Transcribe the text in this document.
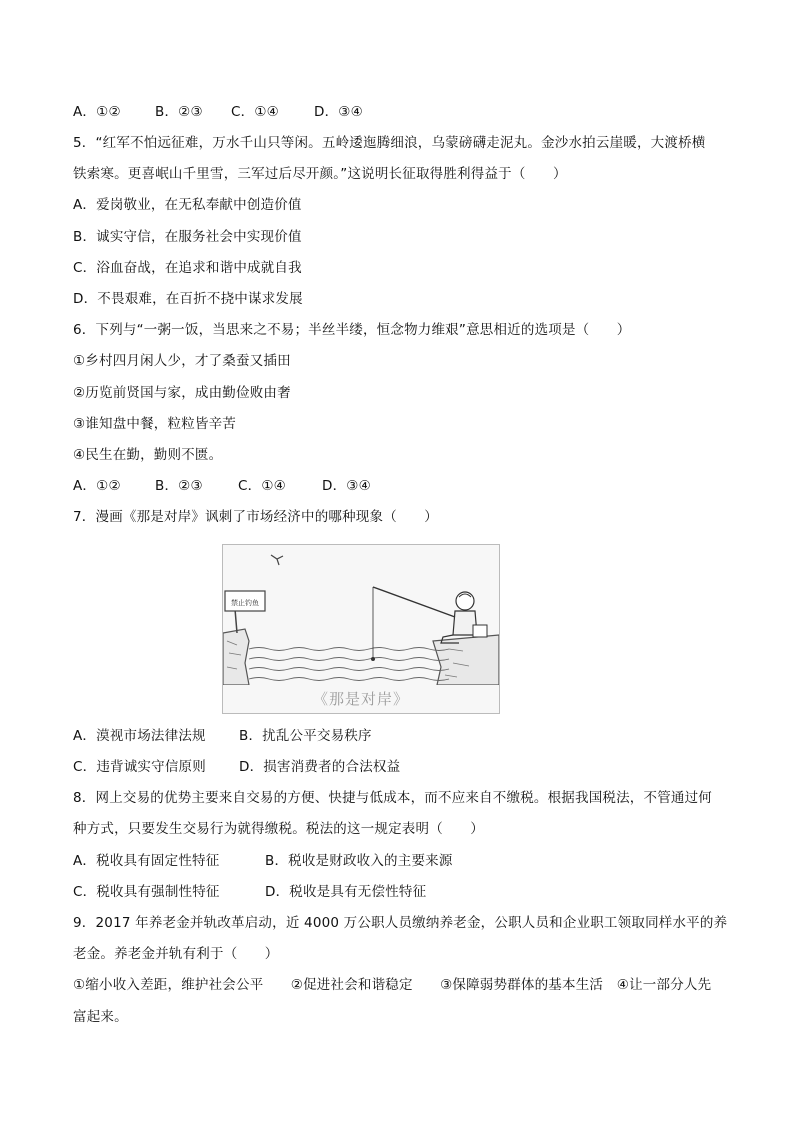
A．①②	B．②③ C．①④	D．③④
5．“红军不怕远征难，万水千山只等闲。五岭逶迤腾细浪，乌蒙磅礴走泥丸。金沙水拍云崖暖，大渡桥横
铁索寒。更喜岷山千里雪，三军过后尽开颜。”这说明长征取得胜利得益于（　　）
A．爱岗敬业，在无私奉献中创造价值
B．诚实守信，在服务社会中实现价值
C．浴血奋战，在追求和谐中成就自我
D．不畏艰难，在百折不挠中谋求发展
6．下列与“一粥一饭，当思来之不易；半丝半缕，恒念物力维艰”意思相近的选项是（　　）
①乡村四月闲人少，才了桑蚕又插田
②历览前贤国与家，成由勤俭败由奢
③谁知盘中餐，粒粒皆辛苦
④民生在勤，勤则不匮。
A．①②	B．②③	C．①④	D．③④
7．漫画《那是对岸》讽刺了市场经济中的哪种现象（　　）
A．漠视市场法律法规 B．扰乱公平交易秩序
C．违背诚实守信原则 D．损害消费者的合法权益
8．网上交易的优势主要来自交易的方便、快捷与低成本，而不应来自不缴税。根据我国税法，不管通过何
种方式，只要发生交易行为就得缴税。税法的这一规定表明（　　）
A．税收具有固定性特征	B．税收是财政收入的主要来源
C．税收具有强制性特征	D．税收是具有无偿性特征
9．2017 年养老金并轨改革启动，近 4000 万公职人员缴纳养老金，公职人员和企业职工领取同样水平的养
老金。养老金并轨有利于（　　）
①缩小收入差距，维护社会公平　　②促进社会和谐稳定　　③保障弱势群体的基本生活　④让一部分人先
富起来。
禁止钓鱼
《那是对岸》
